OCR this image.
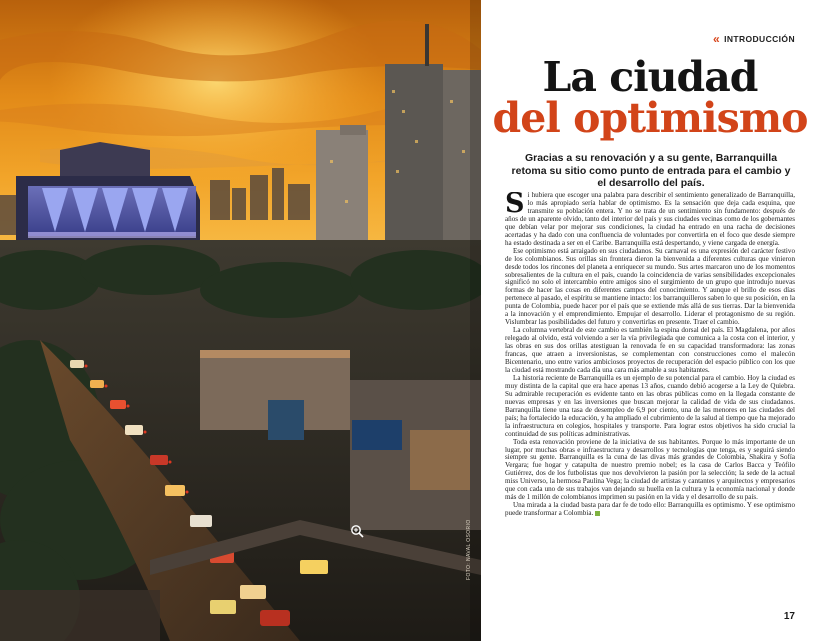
FOTO: NAVAL OSORIO
« INTRODUCCIÓN
La ciudad
del optimismo
Gracias a su renovación y a su gente, Barranquilla retoma su sitio como punto de entrada para el cambio y el desarrollo del país.

Si hubiera que escoger una palabra para describir el sentimiento generalizado de Barranquilla, lo más apropiado sería hablar de optimismo. Es la sensación que deja cada esquina, que transmite su población entera. Y no se trata de un sentimiento sin fundamento: después de años de un aparente olvido, tanto del interior del país y sus ciudades vecinas como de los gobernantes que debían velar por mejorar sus condiciones, la ciudad ha entrado en una racha de decisiones acertadas y ha dado con una confluencia de voluntades por convertirla en el foco que desde siempre ha estado destinada a ser en el Caribe. Barranquilla está despertando, y viene cargada de energía.

Ese optimismo está arraigado en sus ciudadanos. Su carnaval es una expresión del carácter festivo de los colombianos. Sus orillas sin frontera dieron la bienvenida a diferentes culturas que vinieron desde todos los rincones del planeta a enriquecer su mundo. Sus artes marcaron uno de los momentos sobresalientes de la cultura en el país, cuando la coincidencia de varias sensibilidades excepcionales significó no solo el intercambio entre amigos sino el surgimiento de un grupo que introdujo nuevas formas de hacer las cosas en diferentes campos del conocimiento. Y aunque el brillo de esos días pertenece al pasado, el espíritu se mantiene intacto: los barranquilleros saben lo que su posición, en la punta de Colombia, puede hacer por el país que se extiende más allá de sus tierras. Dar la bienvenida a la innovación y el emprendimiento. Empujar el desarrollo. Liderar el protagonismo de su región. Vislumbrar las posibilidades del futuro y convertirlas en presente. Traer el cambio.

La columna vertebral de este cambio es también la espina dorsal del país. El Magdalena, por años relegado al olvido, está volviendo a ser la vía privilegiada que comunica a la costa con el interior, y las obras en sus dos orillas atestiguan la renovada fe en su capacidad transformadora: las zonas francas, que atraen a inversionistas, se complementan con construcciones como el malecón Bicentenario, uno entre varios ambiciosos proyectos de recuperación del espacio público con los que la ciudad está mostrando cada día una cara más amable a sus habitantes.

La historia reciente de Barranquilla es un ejemplo de su potencial para el cambio. Hoy la ciudad es muy distinta de la capital que era hace apenas 13 años, cuando debió acogerse a la Ley de Quiebra. Su admirable recuperación es evidente tanto en las obras públicas como en la llegada constante de nuevas empresas y en las inversiones que buscan mejorar la calidad de vida de sus ciudadanos. Barranquilla tiene una tasa de desempleo de 6,9 por ciento, una de las menores en las ciudades del país; ha fortalecido la educación, y ha ampliado el cubrimiento de la salud al tiempo que ha mejorado la infraestructura en colegios, hospitales y transporte. Para lograr estos objetivos ha sido crucial la continuidad de sus políticas administrativas.

Toda esta renovación proviene de la iniciativa de sus habitantes. Porque lo más importante de un lugar, por muchas obras e infraestructura y desarrollos y tecnologías que tenga, es y seguirá siendo siempre su gente. Barranquilla es la cuna de las divas más grandes de Colombia, Shakira y Sofía Vergara; fue hogar y catapulta de nuestro premio nobel; es la casa de Carlos Bacca y Teófilo Gutiérrez, dos de los futbolistas que nos devolvieron la pasión por la selección; la sede de la actual miss Universo, la hermosa Paulina Vega; la ciudad de artistas y cantantes y arquitectos y empresarios que con cada uno de sus trabajos van dejando su huella en la cultura y la economía nacional y donde más de 1 millón de colombianos imprimen su pasión en la vida y el desarrollo de su país.

Una mirada a la ciudad basta para dar fe de todo ello: Barranquilla es optimismo. Y ese optimismo puede transformar a Colombia.

17
